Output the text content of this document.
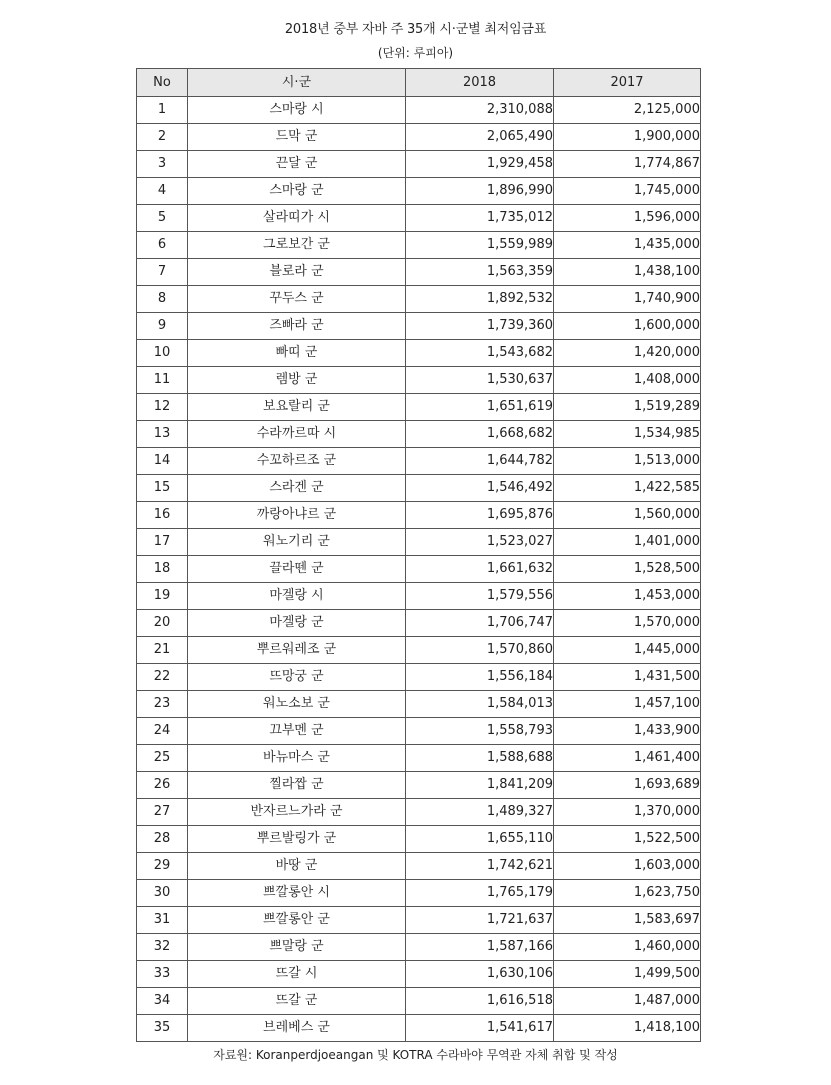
2018년 중부 자바 주 35개 시·군별 최저임금표
(단위: 루피아)
No	시·군	2018	2017
1	스마랑 시	2,310,088	2,125,000
2	드막 군	2,065,490	1,900,000
3	끈달 군	1,929,458	1,774,867
4	스마랑 군	1,896,990	1,745,000
5	살라띠가 시	1,735,012	1,596,000
6	그로보간 군	1,559,989	1,435,000
7	블로라 군	1,563,359	1,438,100
8	꾸두스 군	1,892,532	1,740,900
9	즈빠라 군	1,739,360	1,600,000
10	빠띠 군	1,543,682	1,420,000
11	렘방 군	1,530,637	1,408,000
12	보요랄리 군	1,651,619	1,519,289
13	수라까르따 시	1,668,682	1,534,985
14	수꼬하르조 군	1,644,782	1,513,000
15	스라겐 군	1,546,492	1,422,585
16	까랑아냐르 군	1,695,876	1,560,000
17	워노기리 군	1,523,027	1,401,000
18	끌라뗀 군	1,661,632	1,528,500
19	마겔랑 시	1,579,556	1,453,000
20	마겔랑 군	1,706,747	1,570,000
21	뿌르워레조 군	1,570,860	1,445,000
22	뜨망궁 군	1,556,184	1,431,500
23	워노소보 군	1,584,013	1,457,100
24	끄부멘 군	1,558,793	1,433,900
25	바뉴마스 군	1,588,688	1,461,400
26	찔라짭 군	1,841,209	1,693,689
27	반자르느가라 군	1,489,327	1,370,000
28	뿌르발링가 군	1,655,110	1,522,500
29	바땅 군	1,742,621	1,603,000
30	쁘깔롱안 시	1,765,179	1,623,750
31	쁘깔롱안 군	1,721,637	1,583,697
32	쁘말랑 군	1,587,166	1,460,000
33	뜨갈 시	1,630,106	1,499,500
34	뜨갈 군	1,616,518	1,487,000
35	브레베스 군	1,541,617	1,418,100
자료원: Koranperdjoeangan 및 KOTRA 수라바야 무역관 자체 취합 및 작성
